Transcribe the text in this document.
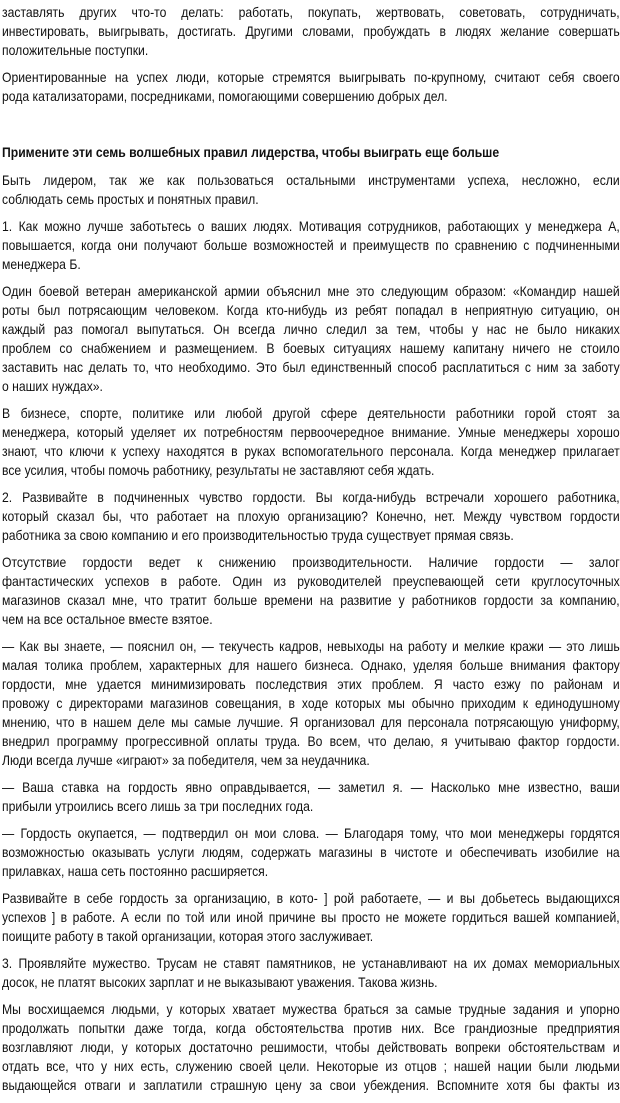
заставлять других что-то делать: работать, покупать, жертвовать, советовать, сотрудничать,
инвестировать, выигрывать, достигать. Другими словами, пробуждать в людях желание совершать
положительные поступки.
Ориентированные на успех люди, которые стремятся выигрывать по-крупному, считают себя своего
рода катализаторами, посредниками, помогающими совершению добрых дел.
Примените эти семь волшебных правил лидерства, чтобы выиграть еще больше
Быть лидером, так же как пользоваться остальными инструментами успеха, несложно, если
соблюдать семь простых и понятных правил.
1. Как можно лучше заботьтесь о ваших людях. Мотивация сотрудников, работающих у менеджера А,
повышается, когда они получают больше возможностей и преимуществ по сравнению с подчиненными
менеджера Б.
Один боевой ветеран американской армии объяснил мне это следующим образом: «Командир нашей
роты был потрясающим человеком. Когда кто-нибудь из ребят попадал в неприятную ситуацию, он
каждый раз помогал выпутаться. Он всегда лично следил за тем, чтобы у нас не было никаких
проблем со снабжением и размещением. В боевых ситуациях нашему капитану ничего не стоило
заставить нас делать то, что необходимо. Это был единственный способ расплатиться с ним за заботу
о наших нуждах».
В бизнесе, спорте, политике или любой другой сфере деятельности работники горой стоят за
менеджера, который уделяет их потребностям первоочередное внимание. Умные менеджеры хорошо
знают, что ключи к успеху находятся в руках вспомогательного персонала. Когда менеджер прилагает
все усилия, чтобы помочь работнику, результаты не заставляют себя ждать.
2. Развивайте в подчиненных чувство гордости. Вы когда-нибудь встречали хорошего работника,
который сказал бы, что работает на плохую организацию? Конечно, нет. Между чувством гордости
работника за свою компанию и его производительностью труда существует прямая связь.
Отсутствие гордости ведет к снижению производительности. Наличие гордости — залог
фантастических успехов в работе. Один из руководителей преуспевающей сети круглосуточных
магазинов сказал мне, что тратит больше времени на развитие у работников гордости за компанию,
чем на все остальное вместе взятое.
— Как вы знаете, — пояснил он, — текучесть кадров, невыходы на работу и мелкие кражи — это лишь
малая толика проблем, характерных для нашего бизнеса. Однако, уделяя больше внимания фактору
гордости, мне удается минимизировать последствия этих проблем. Я часто езжу по районам и
провожу с директорами магазинов совещания, в ходе которых мы обычно приходим к единодушному
мнению, что в нашем деле мы самые лучшие. Я организовал для персонала потрясающую униформу,
внедрил программу прогрессивной оплаты труда. Во всем, что делаю, я учитываю фактор гордости.
Люди всегда лучше «играют» за победителя, чем за неудачника.
— Ваша ставка на гордость явно оправдывается, — заметил я. — Насколько мне известно, ваши
прибыли утроились всего лишь за три последних года.
— Гордость окупается, — подтвердил он мои слова. — Благодаря тому, что мои менеджеры гордятся
возможностью оказывать услуги людям, содержать магазины в чистоте и обеспечивать изобилие на
прилавках, наша сеть постоянно расширяется.
Развивайте в себе гордость за организацию, в кото- ] рой работаете, — и вы добьетесь выдающихся
успехов ] в работе. А если по той или иной причине вы просто не можете гордиться вашей компанией,
поищите работу в такой организации, которая этого заслуживает.
3. Проявляйте мужество. Трусам не ставят памятников, не устанавливают на их домах мемориальных
досок, не платят высоких зарплат и не выказывают уважения. Такова жизнь.
Мы восхищаемся людьми, у которых хватает мужества браться за самые трудные задания и упорно
продолжать попытки даже тогда, когда обстоятельства против них. Все грандиозные предприятия
возглавляют люди, у которых достаточно решимости, чтобы действовать вопреки обстоятельствам и
отдать все, что у них есть, служению своей цели. Некоторые из отцов ; нашей нации были людьми
выдающейся отваги и заплатили страшную цену за свои убеждения. Вспомните хотя бы факты из
